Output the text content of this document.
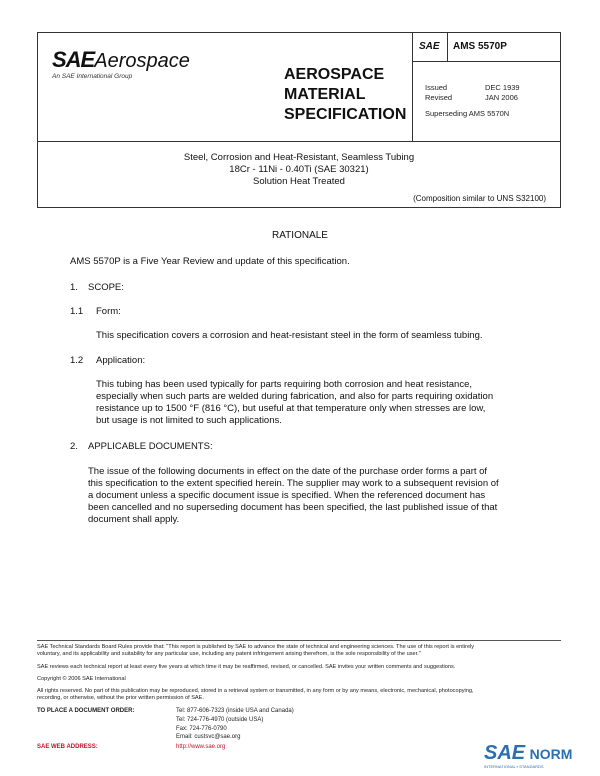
SAEAerospace
An SAE International Group	AEROSPACE
MATERIAL
SPECIFICATION
SAE AMS 5570P
Issued	DEC 1939
Revised	JAN 2006
Superseding AMS 5570N
Steel, Corrosion and Heat-Resistant, Seamless Tubing
18Cr - 11Ni - 0.40Ti (SAE 30321)
Solution Heat Treated
(Composition similar to UNS S32100)
RATIONALE
AMS 5570P is a Five Year Review and update of this specification.
1. SCOPE:
1.1 Form:
This specification covers a corrosion and heat-resistant steel in the form of seamless tubing.
1.2 Application:
This tubing has been used typically for parts requiring both corrosion and heat resistance,
especially when such parts are welded during fabrication, and also for parts requiring oxidation
resistance up to 1500 °F (816 °C), but useful at that temperature only when stresses are low,
but usage is not limited to such applications.
2. APPLICABLE DOCUMENTS:
The issue of the following documents in effect on the date of the purchase order forms a part of
this specification to the extent specified herein. The supplier may work to a subsequent revision of
a document unless a specific document issue is specified. When the referenced document has
been cancelled and no superseding document has been specified, the last published issue of that
document shall apply.
SAE Technical Standards Board Rules provide that: "This report is published by SAE to advance the state of technical and engineering sciences. The use of this report is entirely
voluntary, and its applicability and suitability for any particular use, including any patent infringement arising therefrom, is the sole responsibility of the user."
SAE reviews each technical report at least every five years at which time it may be reaffirmed, revised, or cancelled. SAE invites your written comments and suggestions.
Copyright © 2006 SAE International
All rights reserved. No part of this publication may be reproduced, stored in a retrieval system or transmitted, in any form or by any means, electronic, mechanical, photocopying,
recording, or otherwise, without the prior written permission of SAE.
TO PLACE A DOCUMENT ORDER:	Tel: 877-606-7323 (inside USA and Canada)
Tel: 724-776-4970 (outside USA)
Fax: 724-776-0790
Email: custsvc@sae.org
SAE WEB ADDRESS:	http://www.sae.org	SAE NORM
INTERNATIONAL ▪ STANDARDS
